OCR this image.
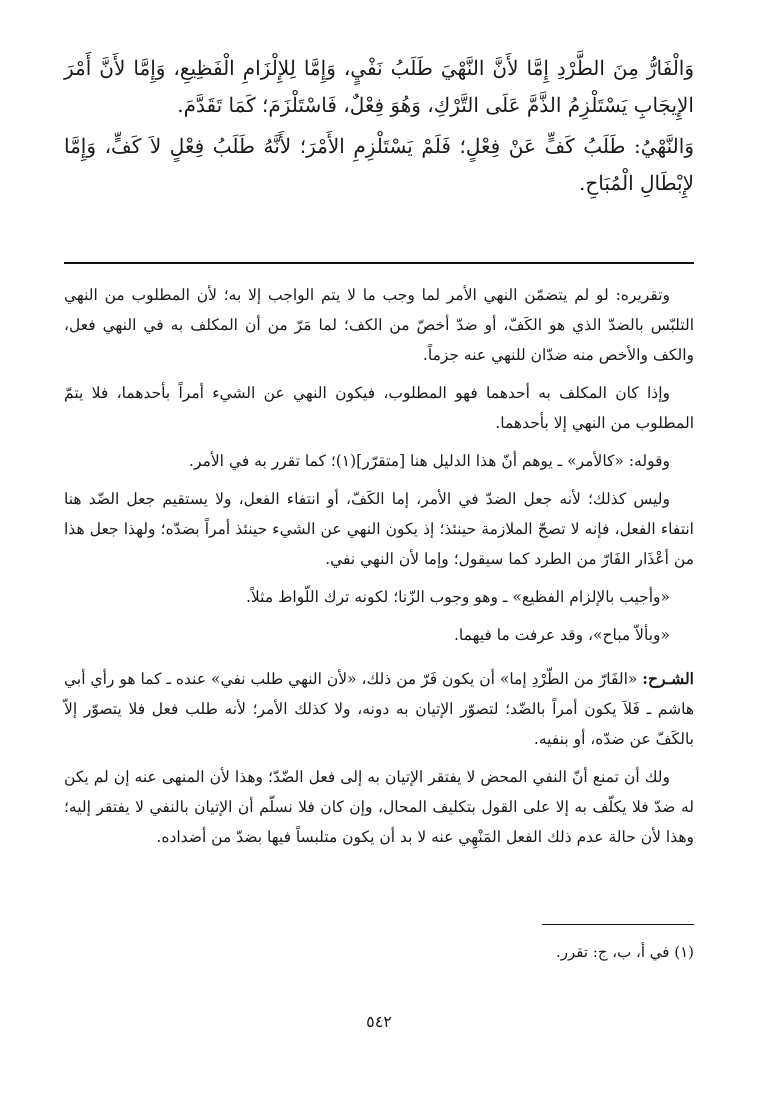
وَالْفَارُّ مِنَ الطَّرْدِ إِمَّا لأَنَّ النَّهْيَ طَلَبُ نَفْيٍ، وَإِمَّا لِلإِلْزَامِ الْفَظِيعِ، وَإِمَّا لأَنَّ أَمْرَ الإِيجَابِ يَسْتَلْزِمُ الذَّمَّ عَلَى التَّرْكِ، وَهُوَ فِعْلٌ، فَاسْتَلْزَمَ؛ كَمَا تَقَدَّمَ.

وَالنَّهْيُ: طَلَبُ كَفٍّ عَنْ فِعْلٍ؛ فَلَمْ يَسْتَلْزِمِ الأَمْرَ؛ لأَنَّهُ طَلَبُ فِعْلٍ لاَ كَفٍّ، وَإِمَّا لإِبْطَالِ الْمُبَاحِ.

وتقريره: لو لم يتضمّن النهي الأمر لما وجب ما لا يتم الواجب إلا به؛ لأن المطلوب من النهي التلبّس بالضدّ الذي هو الكَفّ، أو ضدّ أخصّ من الكف؛ لما مَرّ من أن المكلف به في النهي فعل، والكف والأخص منه ضدّان للنهي عنه جزماً.

وإذا كان المكلف به أحدهما فهو المطلوب، فيكون النهي عن الشيء أمراً بأحدهما، فلا يتمّ المطلوب من النهي إلا بأحدهما.

وقوله: «كالأمر» ـ يوهم أنّ هذا الدليل هنا [متقرّر](١)؛ كما تقرر به في الأمر.

وليس كذلك؛ لأنه جعل الضدّ في الأمر، إما الكَفّ، أو انتفاء الفعل، ولا يستقيم جعل الضّد هنا انتفاء الفعل، فإنه لا تصحّ الملازمة حينئذ؛ إذ يكون النهي عن الشيء حينئذ أمراً بضدّه؛ ولهذا جعل هذا من أعْذَار الفَارّ من الطرد كما سيقول؛ وإما لأن النهي نفي.

«وأجيب بالإلزام الفظيع» ـ وهو وجوب الزّنا؛ لكونه ترك اللّواط مثلاً.

«وبألاّ مباح»، وقد عرفت ما فيهما.

الشـرح: «الفَارّ من الطّرْدِ إما» أن يكون فَرّ من ذلك، «لأن النهي طلب نفي» عنده ـ كما هو رأي أبي هاشم ـ فَلاَ يكون أمراً بالضّد؛ لتصوّر الإتيان به دونه، ولا كذلك الأمر؛ لأنه طلب فعل فلا يتصوّر إلاّ بالكَفّ عن ضدّه، أو بنفيه.

ولك أن تمنع أنّ النفي المحض لا يفتقر الإتيان به إلى فعل الضّدّ؛ وهذا لأن المنهى عنه إن لم يكن له ضدّ فلا يكلّف به إلا على القول بتكليف المحال، وإن كان فلا نسلّم أن الإتيان بالنفي لا يفتقر إليه؛ وهذا لأن حالة عدم ذلك الفعل المَنْهِي عنه لا بد أن يكون متلبساً فيها بضدّ من أضداده.

(١) في أ، ب، ج: تقرر.
٥٤٢
